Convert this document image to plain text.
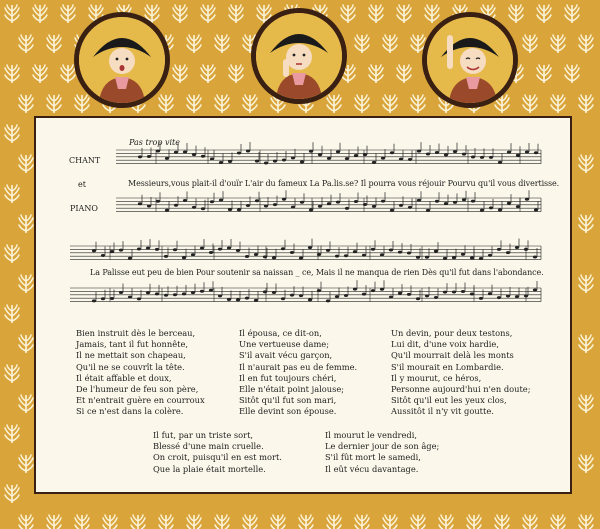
Pas trop vite
CHANT
et
PIANO
Messieurs,vous plait-il d'ouïr L'air du fameux La Pa.lis.se? Il pourra vous réjouir Pourvu qu'il vous divertisse.
La Palisse eut peu de bien Pour soutenir sa naissan _ ce, Mais il ne manqua de rien Dès qu'il fut dans l'abondance.
Bien instruit dès le berceau,
Jamais, tant il fut honnête,
Il ne mettait son chapeau,
Qu'il ne se couvrît la tête.
Il était affable et doux,
De l'humeur de feu son père,
Et n'entrait guère en courroux
Si ce n'est dans la colère.
Il épousa, ce dit-on,
Une vertueuse dame;
S'il avait vécu garçon,
Il n'aurait pas eu de femme.
Il en fut toujours chéri,
Elle n'était point jalouse;
Sitôt qu'il fut son mari,
Elle devint son épouse.
Un devin, pour deux testons,
Lui dit, d'une voix hardie,
Qu'il mourrait delà les monts
S'il mourait en Lombardie.
Il y mourut, ce héros,
Personne aujourd'hui n'en doute;
Sitôt qu'il eut les yeux clos,
Aussitôt il n'y vit goutte.
Il fut, par un triste sort,
Blessé d'une main cruelle.
On croit, puisqu'il en est mort.
Que la plaie était mortelle.
Il mourut le vendredi,
Le dernier jour de son âge;
S'il fût mort le samedi,
Il eût vécu davantage.
